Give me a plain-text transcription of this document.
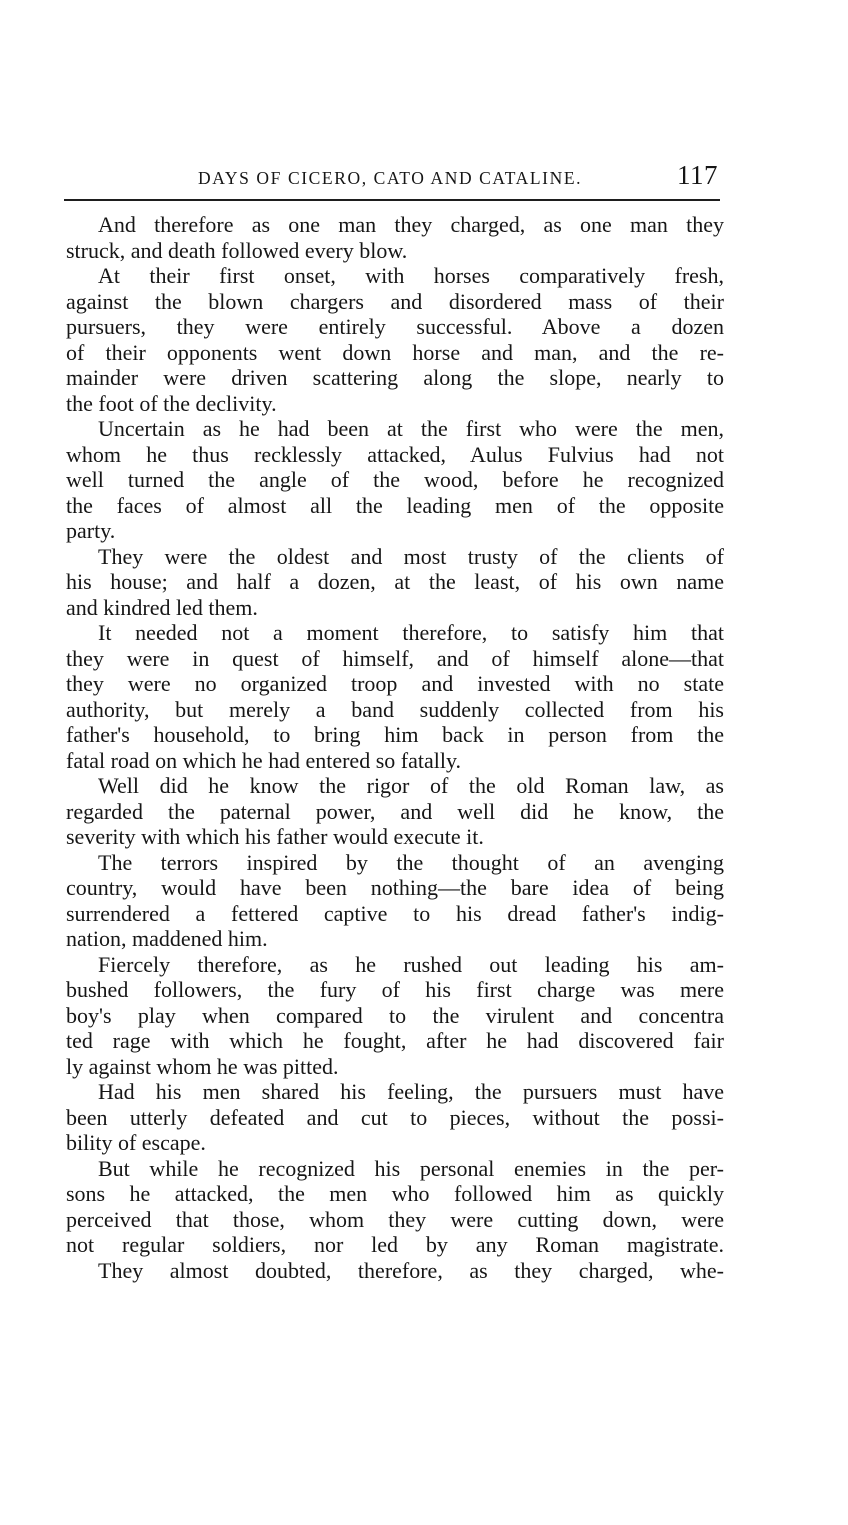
DAYS OF CICERO, CATO AND CATALINE.	117
And therefore as one man they charged, as one man they
struck, and death followed every blow.
At their first onset, with horses comparatively fresh,
against the blown chargers and disordered mass of their
pursuers, they were entirely successful. Above a dozen
of their opponents went down horse and man, and the re-
mainder were driven scattering along the slope, nearly to
the foot of the declivity.
Uncertain as he had been at the first who were the men,
whom he thus recklessly attacked, Aulus Fulvius had not
well turned the angle of the wood, before he recognized
the faces of almost all the leading men of the opposite
party.
They were the oldest and most trusty of the clients of
his house; and half a dozen, at the least, of his own name
and kindred led them.
It needed not a moment therefore, to satisfy him that
they were in quest of himself, and of himself alone—that
they were no organized troop and invested with no state
authority, but merely a band suddenly collected from his
father's household, to bring him back in person from the
fatal road on which he had entered so fatally.
Well did he know the rigor of the old Roman law, as
regarded the paternal power, and well did he know, the
severity with which his father would execute it.
The terrors inspired by the thought of an avenging
country, would have been nothing—the bare idea of being
surrendered a fettered captive to his dread father's indig-
nation, maddened him.
Fiercely therefore, as he rushed out leading his am-
bushed followers, the fury of his first charge was mere
boy's play when compared to the virulent and concentra
ted rage with which he fought, after he had discovered fair
ly against whom he was pitted.
Had his men shared his feeling, the pursuers must have
been utterly defeated and cut to pieces, without the possi-
bility of escape.
But while he recognized his personal enemies in the per-
sons he attacked, the men who followed him as quickly
perceived that those, whom they were cutting down, were
not regular soldiers, nor led by any Roman magistrate.
They almost doubted, therefore, as they charged, whe-
